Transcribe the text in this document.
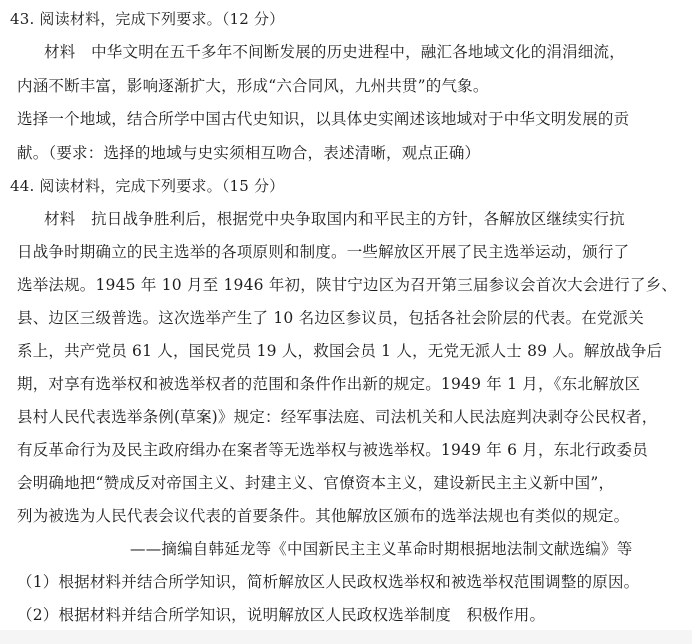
43. 阅读材料，完成下列要求。（12 分）
材料　中华文明在五千多年不间断发展的历史进程中，融汇各地域文化的涓涓细流，
内涵不断丰富，影响逐渐扩大，形成“六合同风，九州共贯”的气象。
选择一个地域，结合所学中国古代史知识，以具体史实阐述该地域对于中华文明发展的贡
献。（要求：选择的地域与史实须相互吻合，表述清晰，观点正确）
44. 阅读材料，完成下列要求。（15 分）
材料　抗日战争胜利后，根据党中央争取国内和平民主的方针，各解放区继续实行抗
日战争时期确立的民主选举的各项原则和制度。一些解放区开展了民主选举运动，颁行了
选举法规。1945 年 10 月至 1946 年初，陕甘宁边区为召开第三届参议会首次大会进行了乡、
县、边区三级普选。这次选举产生了 10 名边区参议员，包括各社会阶层的代表。在党派关
系上，共产党员 61 人，国民党员 19 人，救国会员 1 人，无党无派人士 89 人。解放战争后
期，对享有选举权和被选举权者的范围和条件作出新的规定。1949 年 1 月，《东北解放区
县村人民代表选举条例(草案)》规定：经军事法庭、司法机关和人民法庭判决剥夺公民权者，
有反革命行为及民主政府缉办在案者等无选举权与被选举权。1949 年 6 月，东北行政委员
会明确地把“赞成反对帝国主义、封建主义、官僚资本主义，建设新民主主义新中国”，
列为被选为人民代表会议代表的首要条件。其他解放区颁布的选举法规也有类似的规定。
——摘编自韩延龙等《中国新民主主义革命时期根据地法制文献选编》等
（1）根据材料并结合所学知识，简析解放区人民政权选举权和被选举权范围调整的原因。
（2）根据材料并结合所学知识，说明解放区人民政权选举制度　积极作用。
